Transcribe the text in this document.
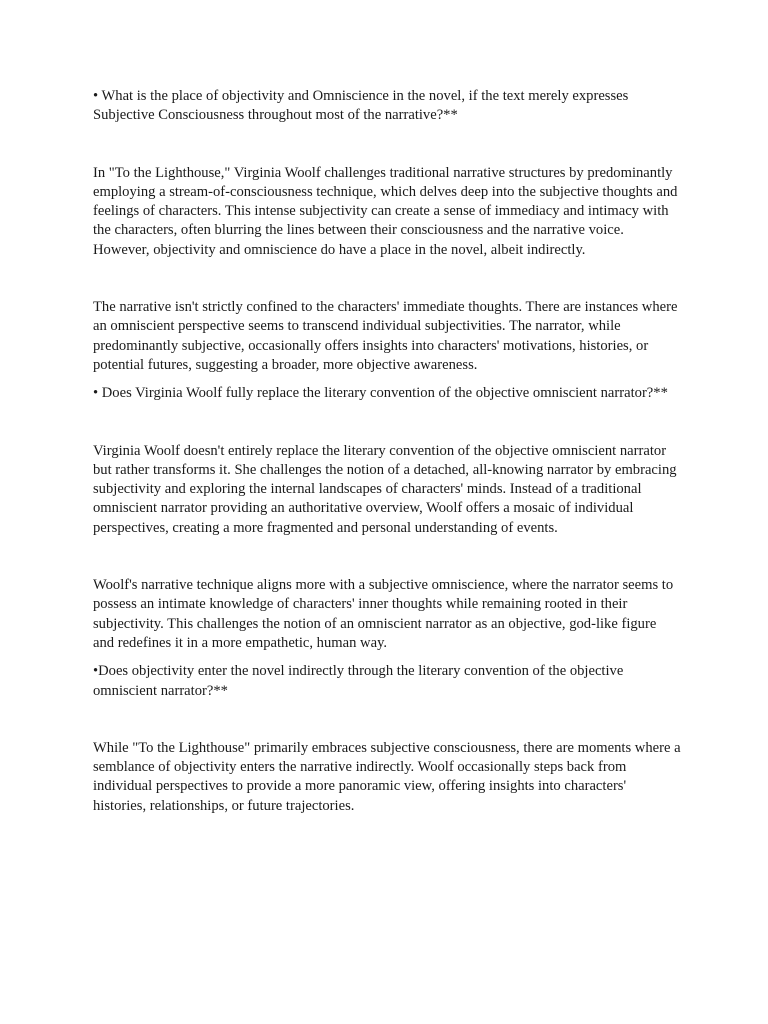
• What is the place of objectivity and Omniscience in the novel, if the text merely expresses Subjective Consciousness throughout most of the narrative?**

In "To the Lighthouse," Virginia Woolf challenges traditional narrative structures by predominantly employing a stream-of-consciousness technique, which delves deep into the subjective thoughts and feelings of characters. This intense subjectivity can create a sense of immediacy and intimacy with the characters, often blurring the lines between their consciousness and the narrative voice. However, objectivity and omniscience do have a place in the novel, albeit indirectly.

The narrative isn't strictly confined to the characters' immediate thoughts. There are instances where an omniscient perspective seems to transcend individual subjectivities. The narrator, while predominantly subjective, occasionally offers insights into characters' motivations, histories, or potential futures, suggesting a broader, more objective awareness.

• Does Virginia Woolf fully replace the literary convention of the objective omniscient narrator?**

Virginia Woolf doesn't entirely replace the literary convention of the objective omniscient narrator but rather transforms it. She challenges the notion of a detached, all-knowing narrator by embracing subjectivity and exploring the internal landscapes of characters' minds. Instead of a traditional omniscient narrator providing an authoritative overview, Woolf offers a mosaic of individual perspectives, creating a more fragmented and personal understanding of events.

Woolf's narrative technique aligns more with a subjective omniscience, where the narrator seems to possess an intimate knowledge of characters' inner thoughts while remaining rooted in their subjectivity. This challenges the notion of an omniscient narrator as an objective, god-like figure and redefines it in a more empathetic, human way.

•Does objectivity enter the novel indirectly through the literary convention of the objective omniscient narrator?**

While "To the Lighthouse" primarily embraces subjective consciousness, there are moments where a semblance of objectivity enters the narrative indirectly. Woolf occasionally steps back from individual perspectives to provide a more panoramic view, offering insights into characters' histories, relationships, or future trajectories.
